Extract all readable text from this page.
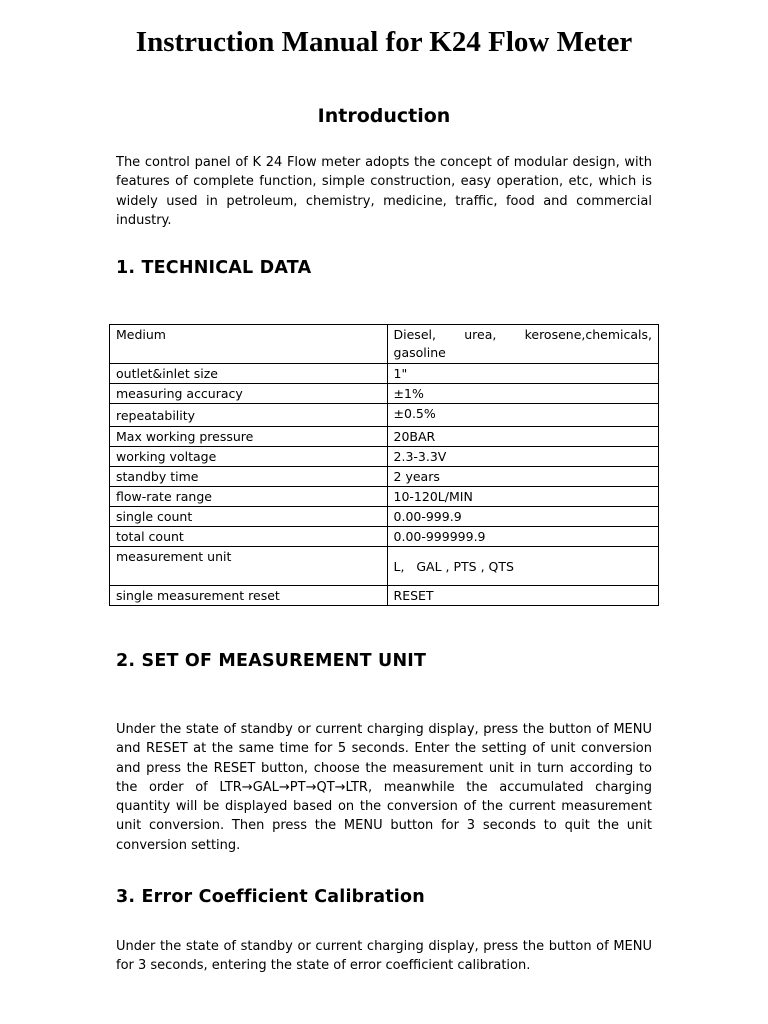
Instruction Manual for K24 Flow Meter
Introduction

The control panel of K 24 Flow meter adopts the concept of modular design, with features of complete function, simple construction, easy operation, etc, which is widely used in petroleum, chemistry, medicine, traffic, food and commercial industry.

1. TECHNICAL DATA
Medium	Diesel, urea, kerosene,chemicals, gasoline
outlet&inlet size	1"
measuring accuracy	±1%
repeatability	±0.5%
Max working pressure	20BAR
working voltage	2.3-3.3V
standby time	2 years
flow-rate range	10-120L/MIN
single count	0.00-999.9
total count	0.00-999999.9
measurement unit	L,   GAL , PTS , QTS
single measurement reset	RESET
2. SET OF MEASUREMENT UNIT

Under the state of standby or current charging display, press the button of MENU and RESET at the same time for 5 seconds. Enter the setting of unit conversion and press the RESET button, choose the measurement unit in turn according to the order of LTR→GAL→PT→QT→LTR, meanwhile the accumulated charging quantity will be displayed based on the conversion of the current measurement unit conversion. Then press the MENU button for 3 seconds to quit the unit conversion setting.

3. Error Coefficient Calibration

Under the state of standby or current charging display, press the button of MENU for 3 seconds, entering the state of error coefficient calibration.
